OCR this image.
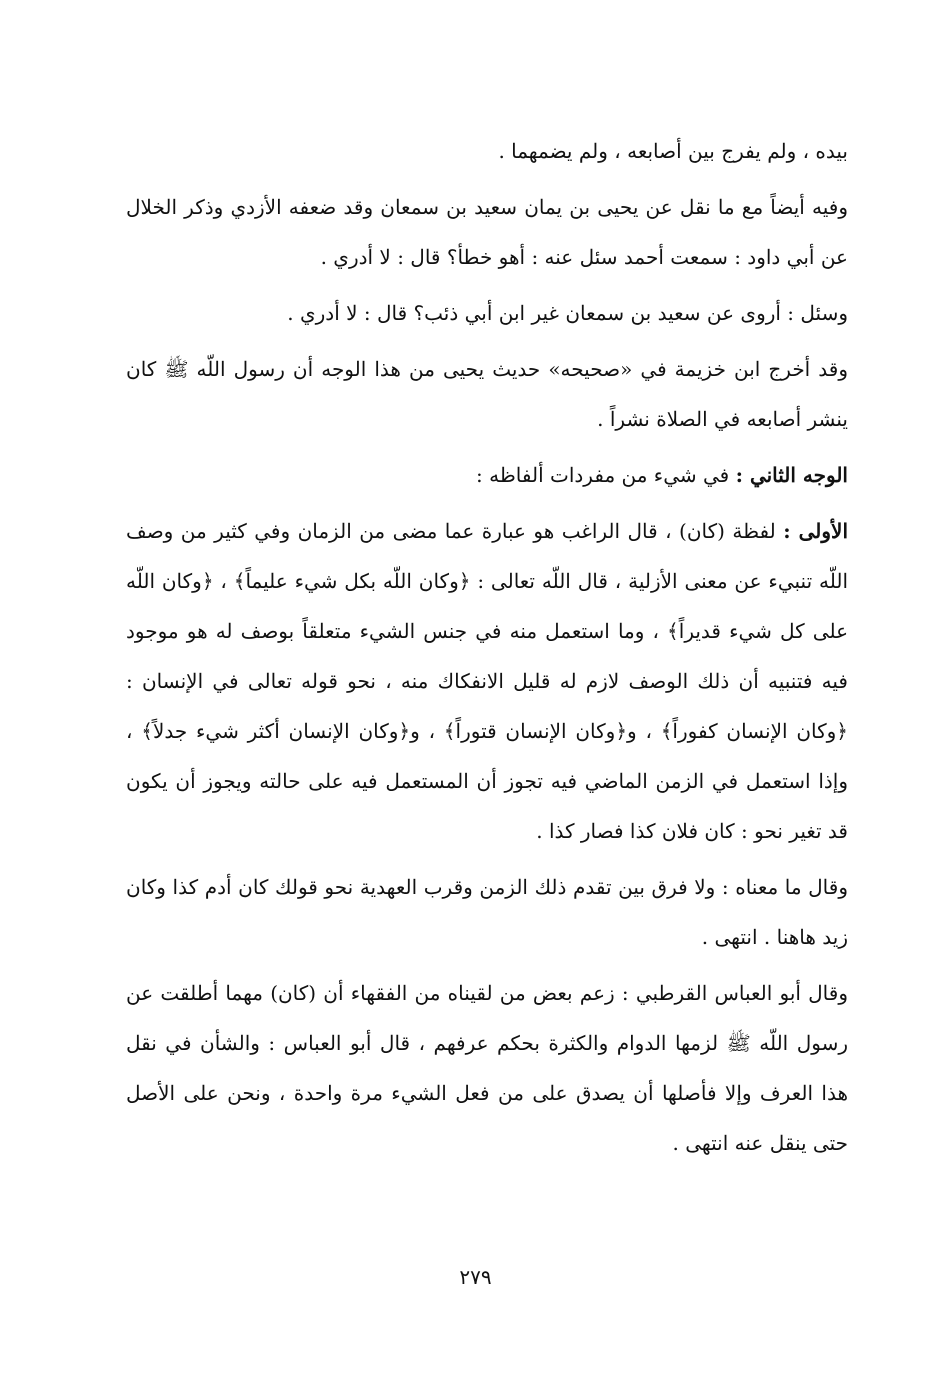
بيده ، ولم يفرج بين أصابعه ، ولم يضمهما .

وفيه أيضاً مع ما نقل عن يحيى بن يمان سعيد بن سمعان وقد ضعفه الأزدي وذكر الخلال عن أبي داود : سمعت أحمد سئل عنه : أهو خطأ؟ قال : لا أدري .

وسئل : أروى عن سعيد بن سمعان غير ابن أبي ذئب؟ قال : لا أدري .

وقد أخرج ابن خزيمة في «صحيحه» حديث يحيى من هذا الوجه أن رسول اللّه ﷺ كان ينشر أصابعه في الصلاة نشراً .

الوجه الثاني : في شيء من مفردات ألفاظه :

الأولى : لفظة (كان) ، قال الراغب هو عبارة عما مضى من الزمان وفي كثير من وصف اللّه تنبيء عن معنى الأزلية ، قال اللّه تعالى : ﴿وكان اللّه بكل شيء عليماً﴾ ، ﴿وكان اللّه على كل شيء قديراً﴾ ، وما استعمل منه في جنس الشيء متعلقاً بوصف له هو موجود فيه فتنبيه أن ذلك الوصف لازم له قليل الانفكاك منه ، نحو قوله تعالى في الإنسان : ﴿وكان الإنسان كفوراً﴾ ، و﴿وكان الإنسان قتوراً﴾ ، و﴿وكان الإنسان أكثر شيء جدلاً﴾ ، وإذا استعمل في الزمن الماضي فيه تجوز أن المستعمل فيه على حالته ويجوز أن يكون قد تغير نحو : كان فلان كذا فصار كذا .

وقال ما معناه : ولا فرق بين تقدم ذلك الزمن وقرب العهدية نحو قولك كان أدم كذا وكان زيد هاهنا . انتهى .

وقال أبو العباس القرطبي : زعم بعض من لقيناه من الفقهاء أن (كان) مهما أطلقت عن رسول اللّه ﷺ لزمها الدوام والكثرة بحكم عرفهم ، قال أبو العباس : والشأن في نقل هذا العرف وإلا فأصلها أن يصدق على من فعل الشيء مرة واحدة ، ونحن على الأصل حتى ينقل عنه انتهى .

٢٧٩
